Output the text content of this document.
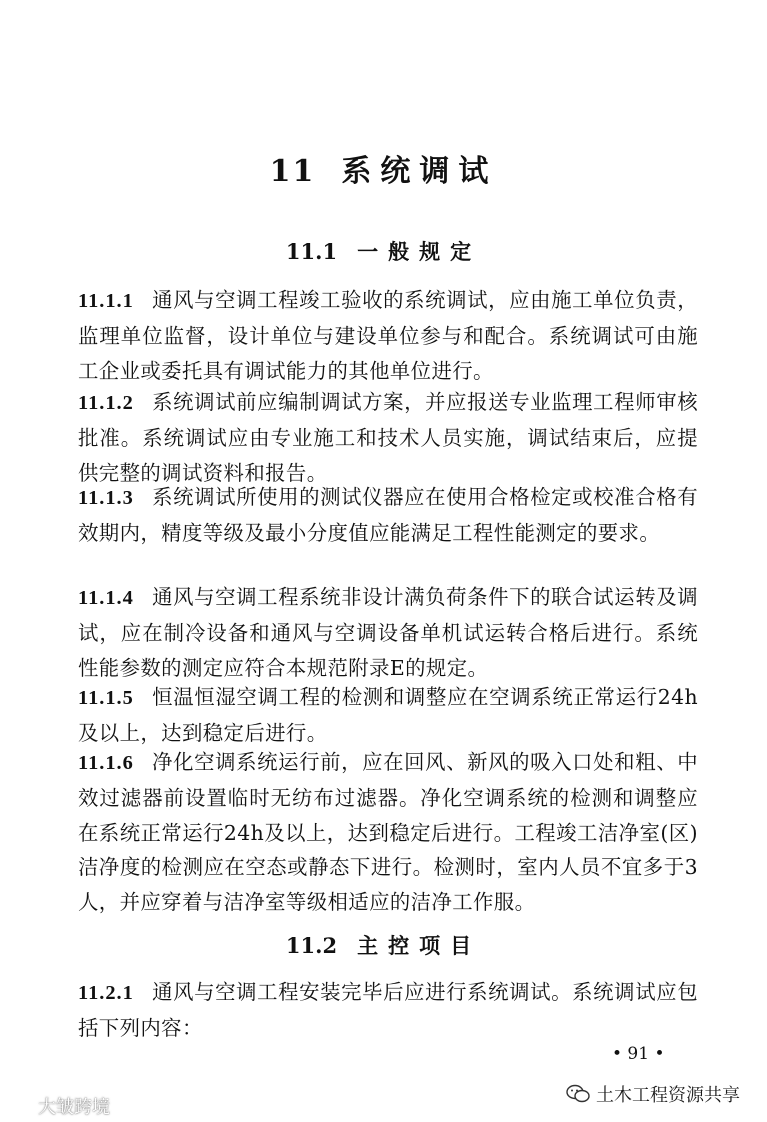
11 系统调试
11.1 一般规定
11.1.1 通风与空调工程竣工验收的系统调试，应由施工单位负责，监理单位监督，设计单位与建设单位参与和配合。系统调试可由施工企业或委托具有调试能力的其他单位进行。
11.1.2 系统调试前应编制调试方案，并应报送专业监理工程师审核批准。系统调试应由专业施工和技术人员实施，调试结束后，应提供完整的调试资料和报告。
11.1.3 系统调试所使用的测试仪器应在使用合格检定或校准合格有效期内，精度等级及最小分度值应能满足工程性能测定的要求。
11.1.4 通风与空调工程系统非设计满负荷条件下的联合试运转及调试，应在制冷设备和通风与空调设备单机试运转合格后进行。系统性能参数的测定应符合本规范附录E的规定。
11.1.5 恒温恒湿空调工程的检测和调整应在空调系统正常运行24h及以上，达到稳定后进行。
11.1.6 净化空调系统运行前，应在回风、新风的吸入口处和粗、中效过滤器前设置临时无纺布过滤器。净化空调系统的检测和调整应在系统正常运行24h及以上，达到稳定后进行。工程竣工洁净室(区)洁净度的检测应在空态或静态下进行。检测时，室内人员不宜多于3人，并应穿着与洁净室等级相适应的洁净工作服。
11.2 主控项目
11.2.1 通风与空调工程安装完毕后应进行系统调试。系统调试应包括下列内容：
• 91 •
土木工程资源共享
大皱跨境
